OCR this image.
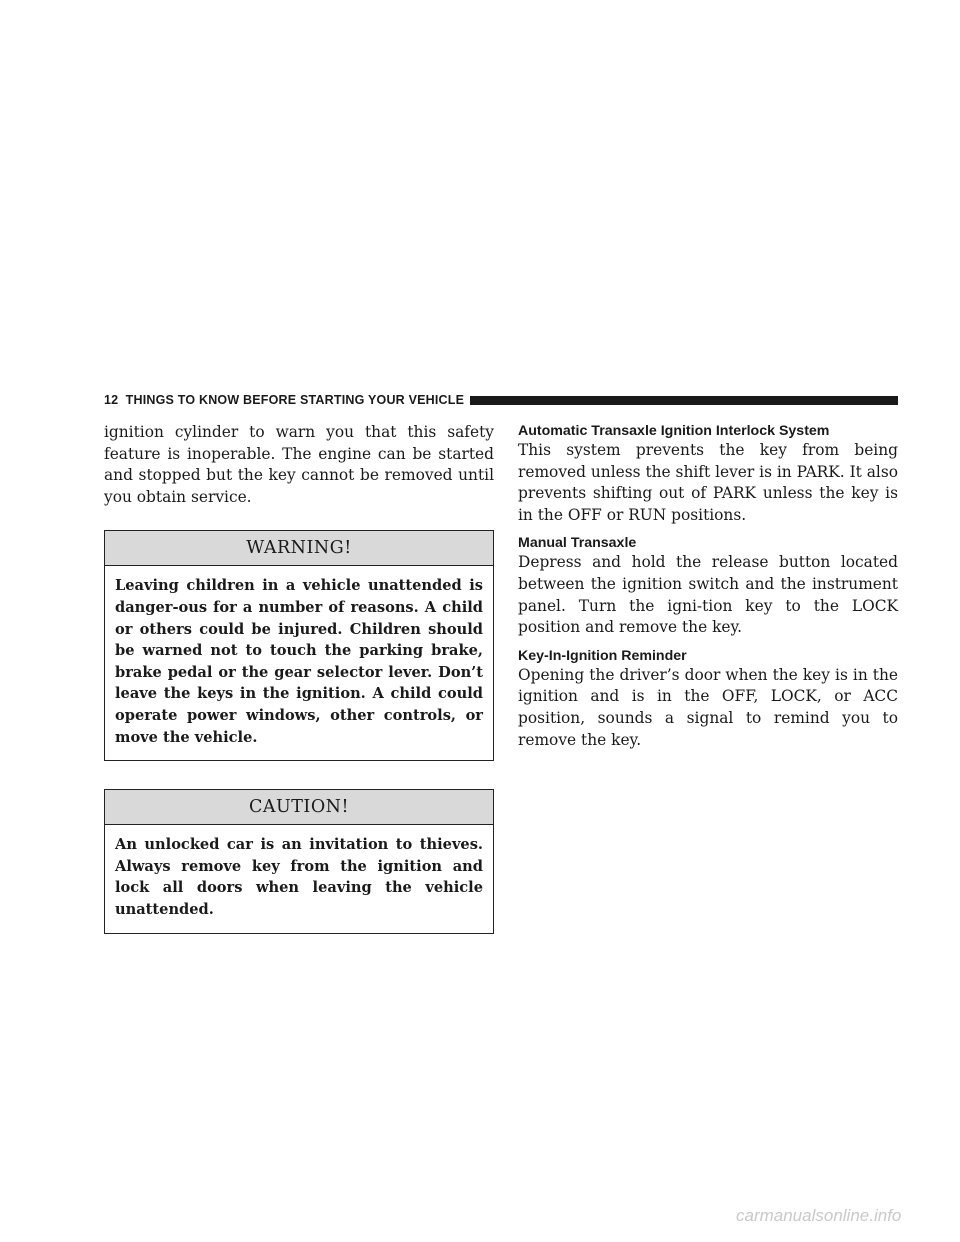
12 THINGS TO KNOW BEFORE STARTING YOUR VEHICLE

ignition cylinder to warn you that this safety feature is inoperable. The engine can be started and stopped but the key cannot be removed until you obtain service.

WARNING!
Leaving children in a vehicle unattended is danger-ous for a number of reasons. A child or others could be injured. Children should be warned not to touch the parking brake, brake pedal or the gear selector lever. Don’t leave the keys in the ignition. A child could operate power windows, other controls, or move the vehicle.
CAUTION!
An unlocked car is an invitation to thieves. Always remove key from the ignition and lock all doors when leaving the vehicle unattended.
Automatic Transaxle Ignition Interlock System

This system prevents the key from being removed unless the shift lever is in PARK. It also prevents shifting out of PARK unless the key is in the OFF or RUN positions.

Manual Transaxle

Depress and hold the release button located between the ignition switch and the instrument panel. Turn the igni-tion key to the LOCK position and remove the key.

Key-In-Ignition Reminder

Opening the driver’s door when the key is in the ignition and is in the OFF, LOCK, or ACC position, sounds a signal to remind you to remove the key.

carmanualsonline.info
